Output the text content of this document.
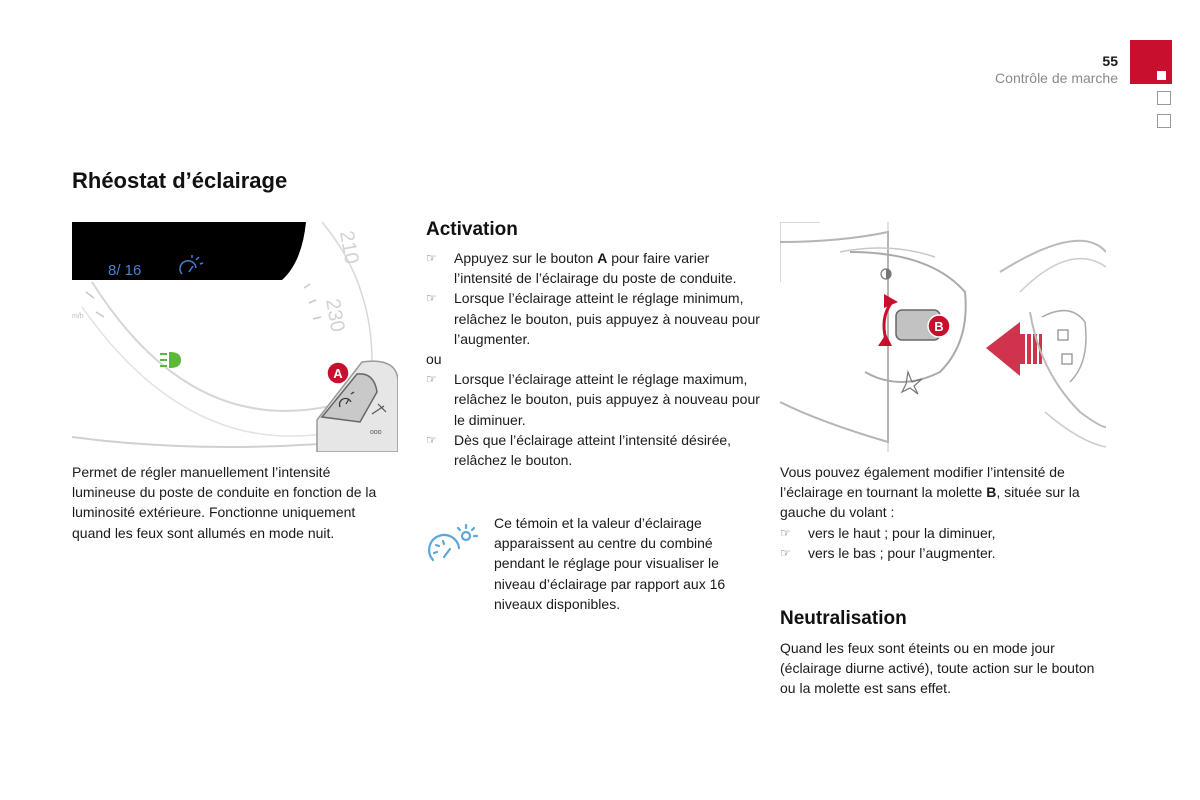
55
Contrôle de marche
Rhéostat d’éclairage
230
210
m/h
8/ 16
ooo
A

Permet de régler manuellement l’intensité lumineuse du poste de conduite en fonction de la luminosité extérieure. Fonctionne uniquement quand les feux sont allumés en mode nuit.

Activation
☞	Appuyez sur le bouton A pour faire varier l’intensité de l’éclairage du poste de conduite.
☞	Lorsque l’éclairage atteint le réglage minimum, relâchez le bouton, puis appuyez à nouveau pour l’augmenter.

ou

☞	Lorsque l’éclairage atteint le réglage maximum, relâchez le bouton, puis appuyez à nouveau pour le diminuer.
☞	Dès que l’éclairage atteint l’intensité désirée, relâchez le bouton.

Ce témoin et la valeur d’éclairage apparaissent au centre du combiné pendant le réglage pour visualiser le niveau d’éclairage par rapport aux 16 niveaux disponibles.

B

Vous pouvez également modifier l’intensité de l’éclairage en tournant la molette B, située sur la gauche du volant :

☞	vers le haut ; pour la diminuer,
☞	vers le bas ; pour l’augmenter.
Neutralisation

Quand les feux sont éteints ou en mode jour (éclairage diurne activé), toute action sur le bouton ou la molette est sans effet.
